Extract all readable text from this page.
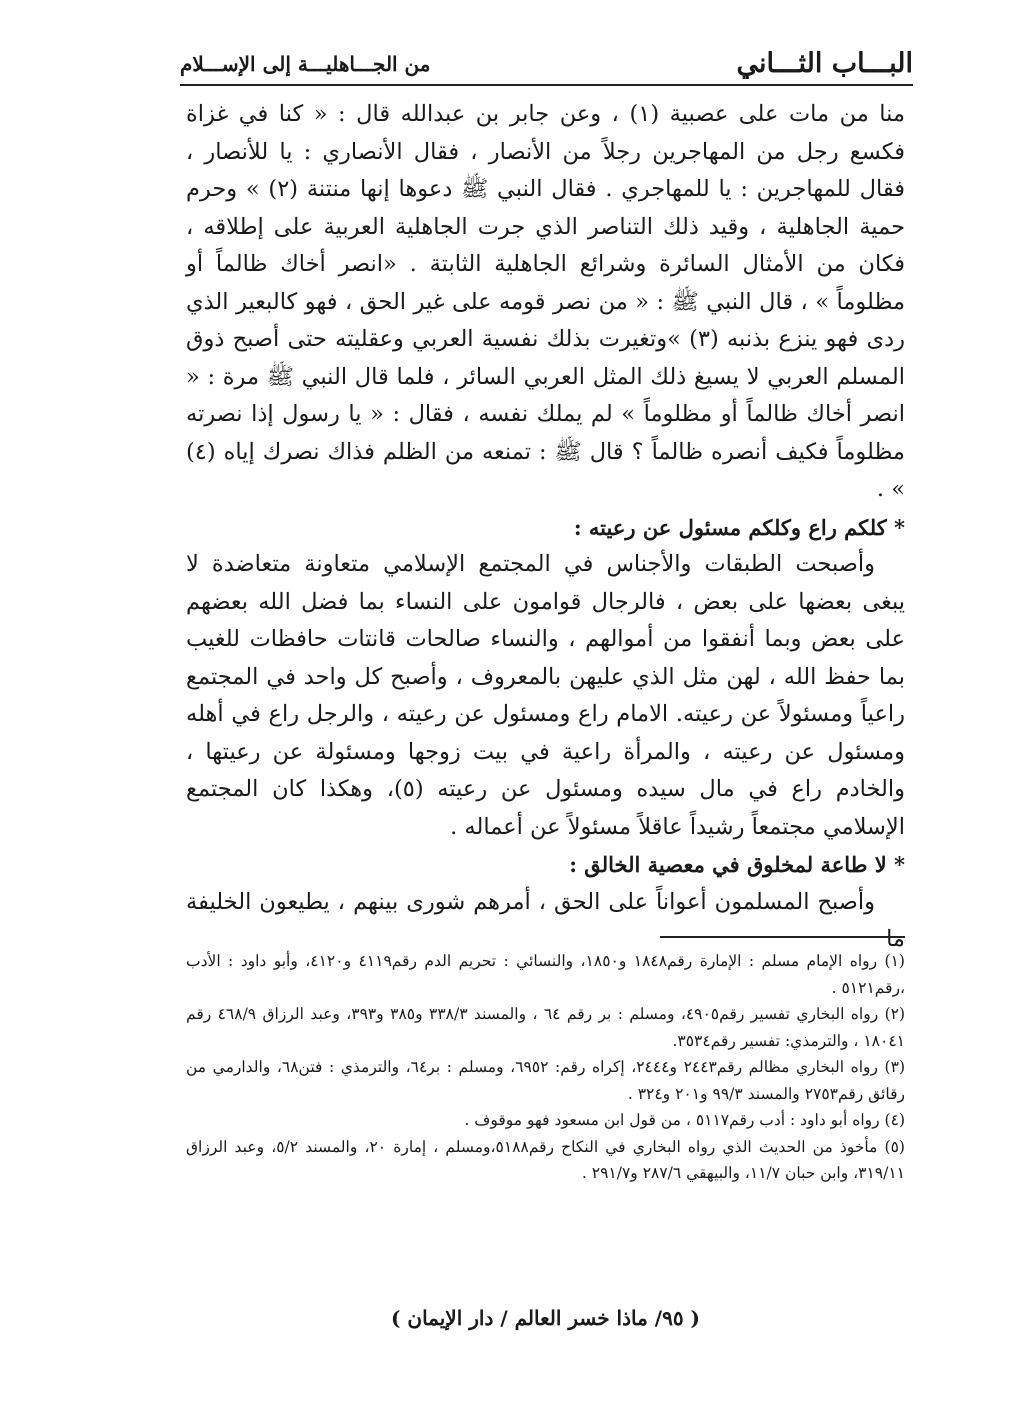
البـــاب الثـــاني
من الجـــاهليـــة إلى الإســـلام

منا من مات على عصبية (١) ، وعن جابر بن عبدالله قال : « كنا في غزاة فكسع رجل من المهاجرين رجلاً من الأنصار ، فقال الأنصاري : يا للأنصار ، فقال للمهاجرين : يا للمهاجري . فقال النبي ﷺ دعوها إنها منتنة (٢) » وحرم حمية الجاهلية ، وقيد ذلك التناصر الذي جرت الجاهلية العربية على إطلاقه ، فكان من الأمثال السائرة وشرائع الجاهلية الثابتة . «انصر أخاك ظالماً أو مظلوماً » ، قال النبي ﷺ : « من نصر قومه على غير الحق ، فهو كالبعير الذي ردى فهو ينزع بذنبه (٣) »وتغيرت بذلك نفسية العربي وعقليته حتى أصبح ذوق المسلم العربي لا يسيغ ذلك المثل العربي السائر ، فلما قال النبي ﷺ مرة : « انصر أخاك ظالماً أو مظلوماً » لم يملك نفسه ، فقال : « يا رسول إذا نصرته مظلوماً فكيف أنصره ظالماً ؟ قال ﷺ : تمنعه من الظلم فذاك نصرك إياه (٤) » .

* كلكم راع وكلكم مسئول عن رعيته :

وأصبحت الطبقات والأجناس في المجتمع الإسلامي متعاونة متعاضدة لا يبغى بعضها على بعض ، فالرجال قوامون على النساء بما فضل الله بعضهم على بعض وبما أنفقوا من أموالهم ، والنساء صالحات قانتات حافظات للغيب بما حفظ الله ، لهن مثل الذي عليهن بالمعروف ، وأصبح كل واحد في المجتمع راعياً ومسئولاً عن رعيته. الامام راع ومسئول عن رعيته ، والرجل راع في أهله ومسئول عن رعيته ، والمرأة راعية في بيت زوجها ومسئولة عن رعيتها ، والخادم راع في مال سيده ومسئول عن رعيته (٥)، وهكذا كان المجتمع الإسلامي مجتمعاً رشيداً عاقلاً مسئولاً عن أعماله .

* لا طاعة لمخلوق في معصية الخالق :

وأصبح المسلمون أعواناً على الحق ، أمرهم شورى بينهم ، يطيعون الخليفة ما

(١) رواه الإمام مسلم : الإمارة رقم١٨٤٨ و١٨٥٠، والنسائي : تحريم الدم رقم٤١١٩ و٤١٢٠، وأبو داود : الأدب ،رقم٥١٢١ .

(٢) رواه البخاري تفسير رقم٤٩٠٥، ومسلم : بر رقم ٦٤ ، والمسند ٣٣٨/٣ و٣٨٥ و٣٩٣، وعبد الرزاق ٤٦٨/٩ رقم ١٨٠٤١ ، والترمذي: تفسير رقم٣٥٣٤.

(٣) رواه البخاري مظالم رقم٢٤٤٣ و٢٤٤٤، إكراه رقم: ٦٩٥٢، ومسلم : بر٦٤، والترمذي : فتن٦٨، والدارمي من رقائق رقم٢٧٥٣ والمسند ٩٩/٣ و٢٠١ و٣٢٤ .

(٤) رواه أبو داود : أدب رقم٥١١٧ ، من قول ابن مسعود فهو موقوف .

(٥) مأخوذ من الحديث الذي رواه البخاري في النكاح رقم٥١٨٨،ومسلم ، إمارة ٢٠، والمسند ٥/٢، وعبد الرزاق ٣١٩/١١، وابن حبان ١١/٧، والبيهقي ٢٨٧/٦ و٢٩١/٧ .

( ٩٥/ ماذا خسر العالم / دار الإيمان )
